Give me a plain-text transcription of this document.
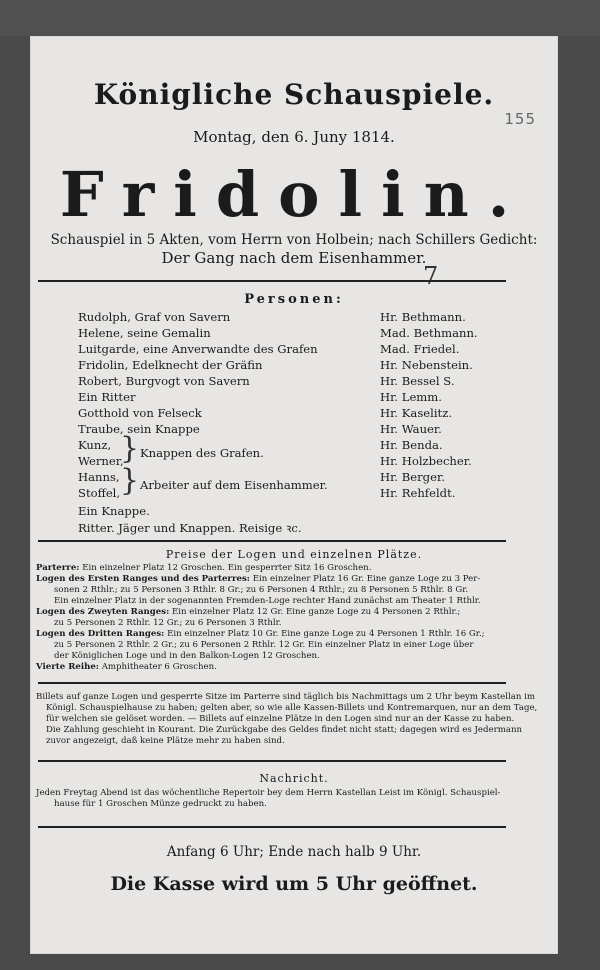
Königliche Schauspiele.
Montag, den 6. Juny 1814.
155
Fridolin.
Schauspiel in 5 Akten, vom Herrn von Holbein; nach Schillers Gedicht:
Der Gang nach dem Eisenhammer.
7
Personen:
Rudolph, Graf von Savern	Hr. Bethmann.
Helene, seine Gemalin	Mad. Bethmann.
Luitgarde, eine Anverwandte des Grafen	Mad. Friedel.
Fridolin, Edelknecht der Gräfin	Hr. Nebenstein.
Robert, Burgvogt von Savern	Hr. Bessel S.
Ein Ritter	Hr. Lemm.
Gotthold von Felseck	Hr. Kaselitz.
Traube, sein Knappe	Hr. Wauer.
Kunz,	Hr. Benda.
Werner,	Hr. Holzbecher.
} Knappen des Grafen.
Hanns,	Hr. Berger.
Stoffel,	Hr. Rehfeldt.
} Arbeiter auf dem Eisenhammer.
Ein Knappe.
Ritter. Jäger und Knappen. Reisige ꝛc.
Preise der Logen und einzelnen Plätze.
Parterre: Ein einzelner Platz 12 Groschen. Ein gesperrter Sitz 16 Groschen.
Logen des Ersten Ranges und des Parterres: Ein einzelner Platz 16 Gr. Eine ganze Loge zu 3 Per-
sonen 2 Rthlr.; zu 5 Personen 3 Rthlr. 8 Gr.; zu 6 Personen 4 Rthlr.; zu 8 Personen 5 Rthlr. 8 Gr.
Ein einzelner Platz in der sogenannten Fremden-Loge rechter Hand zunächst am Theater 1 Rthlr.
Logen des Zweyten Ranges: Ein einzelner Platz 12 Gr. Eine ganze Loge zu 4 Personen 2 Rthlr.;
zu 5 Personen 2 Rthlr. 12 Gr.; zu 6 Personen 3 Rthlr.
Logen des Dritten Ranges: Ein einzelner Platz 10 Gr. Eine ganze Loge zu 4 Personen 1 Rthlr. 16 Gr.;
zu 5 Personen 2 Rthlr. 2 Gr.; zu 6 Personen 2 Rthlr. 12 Gr. Ein einzelner Platz in einer Loge über
der Königlichen Loge und in den Balkon-Logen 12 Groschen.
Vierte Reihe: Amphitheater 6 Groschen.
Billets auf ganze Logen und gesperrte Sitze im Parterre sind täglich bis Nachmittags um 2 Uhr beym Kastellan im
Königl. Schauspielhause zu haben; gelten aber, so wie alle Kassen-Billets und Kontremarquen, nur an dem Tage,
für welchen sie gelöset worden. — Billets auf einzelne Plätze in den Logen sind nur an der Kasse zu haben.
Die Zahlung geschieht in Kourant. Die Zurückgabe des Geldes findet nicht statt; dagegen wird es Jedermann
zuvor angezeigt, daß keine Plätze mehr zu haben sind.
Nachricht.
Jeden Freytag Abend ist das wöchentliche Repertoir bey dem Herrn Kastellan Leist im Königl. Schauspiel-
hause für 1 Groschen Münze gedruckt zu haben.
Anfang 6 Uhr; Ende nach halb 9 Uhr.
Die Kasse wird um 5 Uhr geöffnet.
